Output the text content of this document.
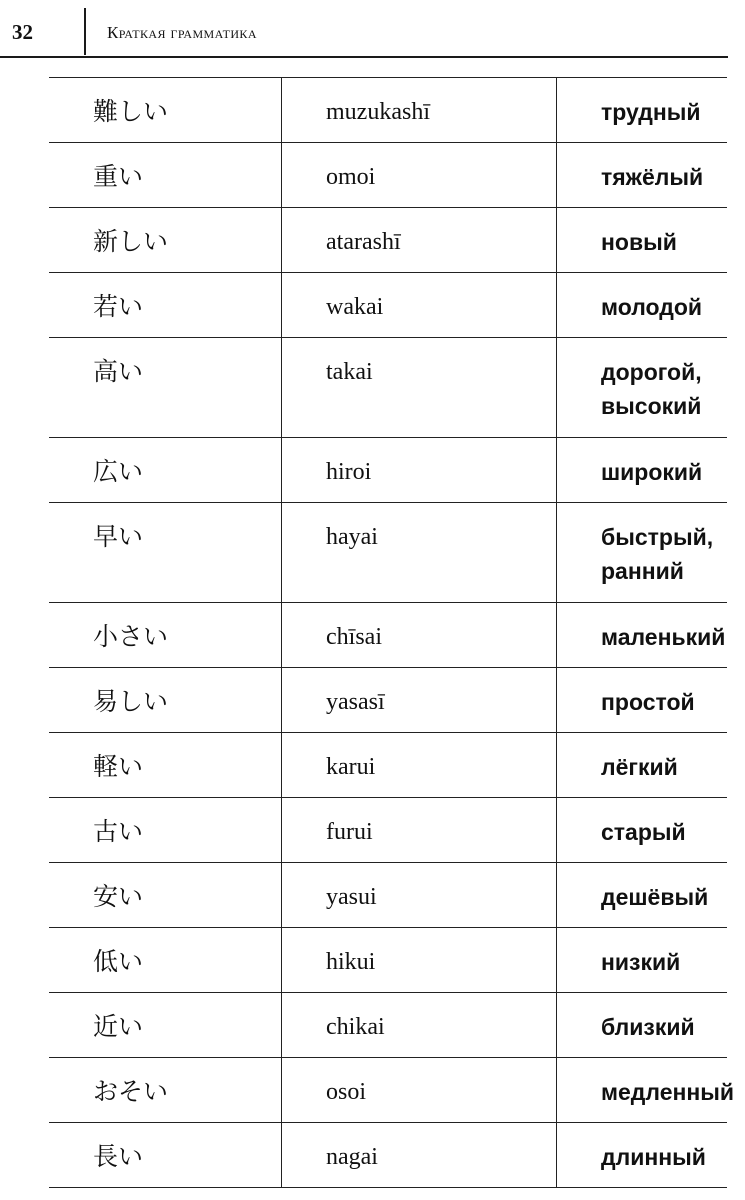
32	Краткая грамматика
難しい	muzukashī	трудный

重い	omoi	тяжёлый

新しい	atarashī	новый

若い	wakai	молодой

高い	takai	дорогой,
высокий

広い	hiroi	широкий

早い	hayai	быстрый,
ранний

小さい	chīsai	маленький

易しい	yasasī	простой

軽い	karui	лёгкий

古い	furui	старый

安い	yasui	дешёвый

低い	hikui	низкий

近い	chikai	близкий

おそい	osoi	медленный

長い	nagai	длинный
